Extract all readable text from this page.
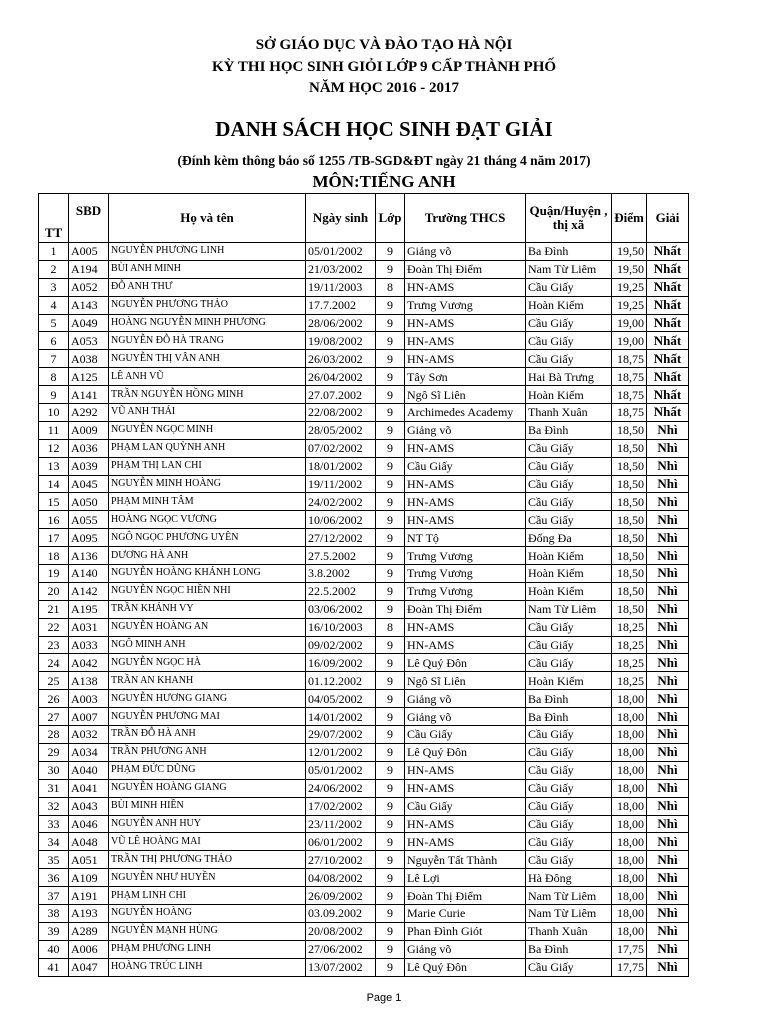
SỞ GIÁO DỤC VÀ ĐÀO TẠO HÀ NỘI
KỲ THI HỌC SINH GIỎI LỚP 9 CẤP THÀNH PHỐ
NĂM HỌC 2016 - 2017
DANH SÁCH HỌC SINH ĐẠT GIẢI
(Đính kèm thông báo số 1255 /TB-SGD&ĐT ngày 21 tháng 4 năm 2017)
MÔN:TIẾNG ANH
TT	SBD	Họ và tên	Ngày sinh	Lớp	Trường THCS	Quận/Huyện , thị xã	Điểm	Giải
1	A005	NGUYỄN PHƯƠNG LINH	05/01/2002	9	Giảng võ	Ba Đình	19,50	Nhất
2	A194	BÙI ANH MINH	21/03/2002	9	Đoàn Thị Điểm	Nam Từ Liêm	19,50	Nhất
3	A052	ĐỖ ANH THƯ	19/11/2003	8	HN-AMS	Cầu Giấy	19,25	Nhất
4	A143	NGUYỄN PHƯƠNG THẢO	17.7.2002	9	Trưng Vương	Hoàn Kiếm	19,25	Nhất
5	A049	HOÀNG NGUYỄN MINH PHƯƠNG	28/06/2002	9	HN-AMS	Cầu Giấy	19,00	Nhất
6	A053	NGUYỄN ĐỖ HÀ TRANG	19/08/2002	9	HN-AMS	Cầu Giấy	19,00	Nhất
7	A038	NGUYỄN THỊ VÂN ANH	26/03/2002	9	HN-AMS	Cầu Giấy	18,75	Nhất
8	A125	LÊ ANH VŨ	26/04/2002	9	Tây Sơn	Hai Bà Trưng	18,75	Nhất
9	A141	TRẦN NGUYỄN HỒNG MINH	27.07.2002	9	Ngô Sĩ Liên	Hoàn Kiếm	18,75	Nhất
10	A292	VŨ ANH THÁI	22/08/2002	9	Archimedes Academy	Thanh Xuân	18,75	Nhất
11	A009	NGUYỄN NGỌC MINH	28/05/2002	9	Giảng võ	Ba Đình	18,50	Nhì
12	A036	PHẠM LAN QUỲNH ANH	07/02/2002	9	HN-AMS	Cầu Giấy	18,50	Nhì
13	A039	PHẠM THỊ LAN CHI	18/01/2002	9	Cầu Giấy	Cầu Giấy	18,50	Nhì
14	A045	NGUYỄN MINH HOÀNG	19/11/2002	9	HN-AMS	Cầu Giấy	18,50	Nhì
15	A050	PHẠM MINH TÂM	24/02/2002	9	HN-AMS	Cầu Giấy	18,50	Nhì
16	A055	HOÀNG NGỌC VƯƠNG	10/06/2002	9	HN-AMS	Cầu Giấy	18,50	Nhì
17	A095	NGÔ NGỌC PHƯƠNG UYÊN	27/12/2002	9	NT Tộ	Đống Đa	18,50	Nhì
18	A136	DƯƠNG HÀ ANH	27.5.2002	9	Trưng Vương	Hoàn Kiếm	18,50	Nhì
19	A140	NGUYỄN HOÀNG KHÁNH LONG	3.8.2002	9	Trưng Vương	Hoàn Kiếm	18,50	Nhì
20	A142	NGUYỄN NGỌC HIỀN NHI	22.5.2002	9	Trưng Vương	Hoàn Kiếm	18,50	Nhì
21	A195	TRẦN KHÁNH VY	03/06/2002	9	Đoàn Thị Điểm	Nam Từ Liêm	18,50	Nhì
22	A031	NGUYỄN HOÀNG AN	16/10/2003	8	HN-AMS	Cầu Giấy	18,25	Nhì
23	A033	NGÔ MINH ANH	09/02/2002	9	HN-AMS	Cầu Giấy	18,25	Nhì
24	A042	NGUYỄN NGỌC HÀ	16/09/2002	9	Lê Quý Đôn	Cầu Giấy	18,25	Nhì
25	A138	TRẦN AN KHANH	01.12.2002	9	Ngô Sĩ Liên	Hoàn Kiếm	18,25	Nhì
26	A003	NGUYỄN HƯƠNG GIANG	04/05/2002	9	Giảng võ	Ba Đình	18,00	Nhì
27	A007	NGUYỄN PHƯƠNG MAI	14/01/2002	9	Giảng võ	Ba Đình	18,00	Nhì
28	A032	TRẦN ĐỖ HÀ ANH	29/07/2002	9	Cầu Giấy	Cầu Giấy	18,00	Nhì
29	A034	TRẦN PHƯƠNG ANH	12/01/2002	9	Lê Quý Đôn	Cầu Giấy	18,00	Nhì
30	A040	PHẠM ĐỨC DŨNG	05/01/2002	9	HN-AMS	Cầu Giấy	18,00	Nhì
31	A041	NGUYỄN HOÀNG GIANG	24/06/2002	9	HN-AMS	Cầu Giấy	18,00	Nhì
32	A043	BÙI MINH HIỀN	17/02/2002	9	Cầu Giấy	Cầu Giấy	18,00	Nhì
33	A046	NGUYỄN ANH HUY	23/11/2002	9	HN-AMS	Cầu Giấy	18,00	Nhì
34	A048	VŨ LÊ HOÀNG MAI	06/01/2002	9	HN-AMS	Cầu Giấy	18,00	Nhì
35	A051	TRẦN THỊ PHƯƠNG THẢO	27/10/2002	9	Nguyễn Tất Thành	Cầu Giấy	18,00	Nhì
36	A109	NGUYỄN NHƯ HUYỀN	04/08/2002	9	Lê Lợi	Hà Đông	18,00	Nhì
37	A191	PHẠM LINH CHI	26/09/2002	9	Đoàn Thị Điểm	Nam Từ Liêm	18,00	Nhì
38	A193	NGUYỄN HOÀNG	03.09.2002	9	Marie Curie	Nam Từ Liêm	18,00	Nhì
39	A289	NGUYỄN MẠNH HÙNG	20/08/2002	9	Phan Đình Giót	Thanh Xuân	18,00	Nhì
40	A006	PHẠM PHƯƠNG LINH	27/06/2002	9	Giảng võ	Ba Đình	17,75	Nhì
41	A047	HOÀNG TRÚC LINH	13/07/2002	9	Lê Quý Đôn	Cầu Giấy	17,75	Nhì
Page 1
